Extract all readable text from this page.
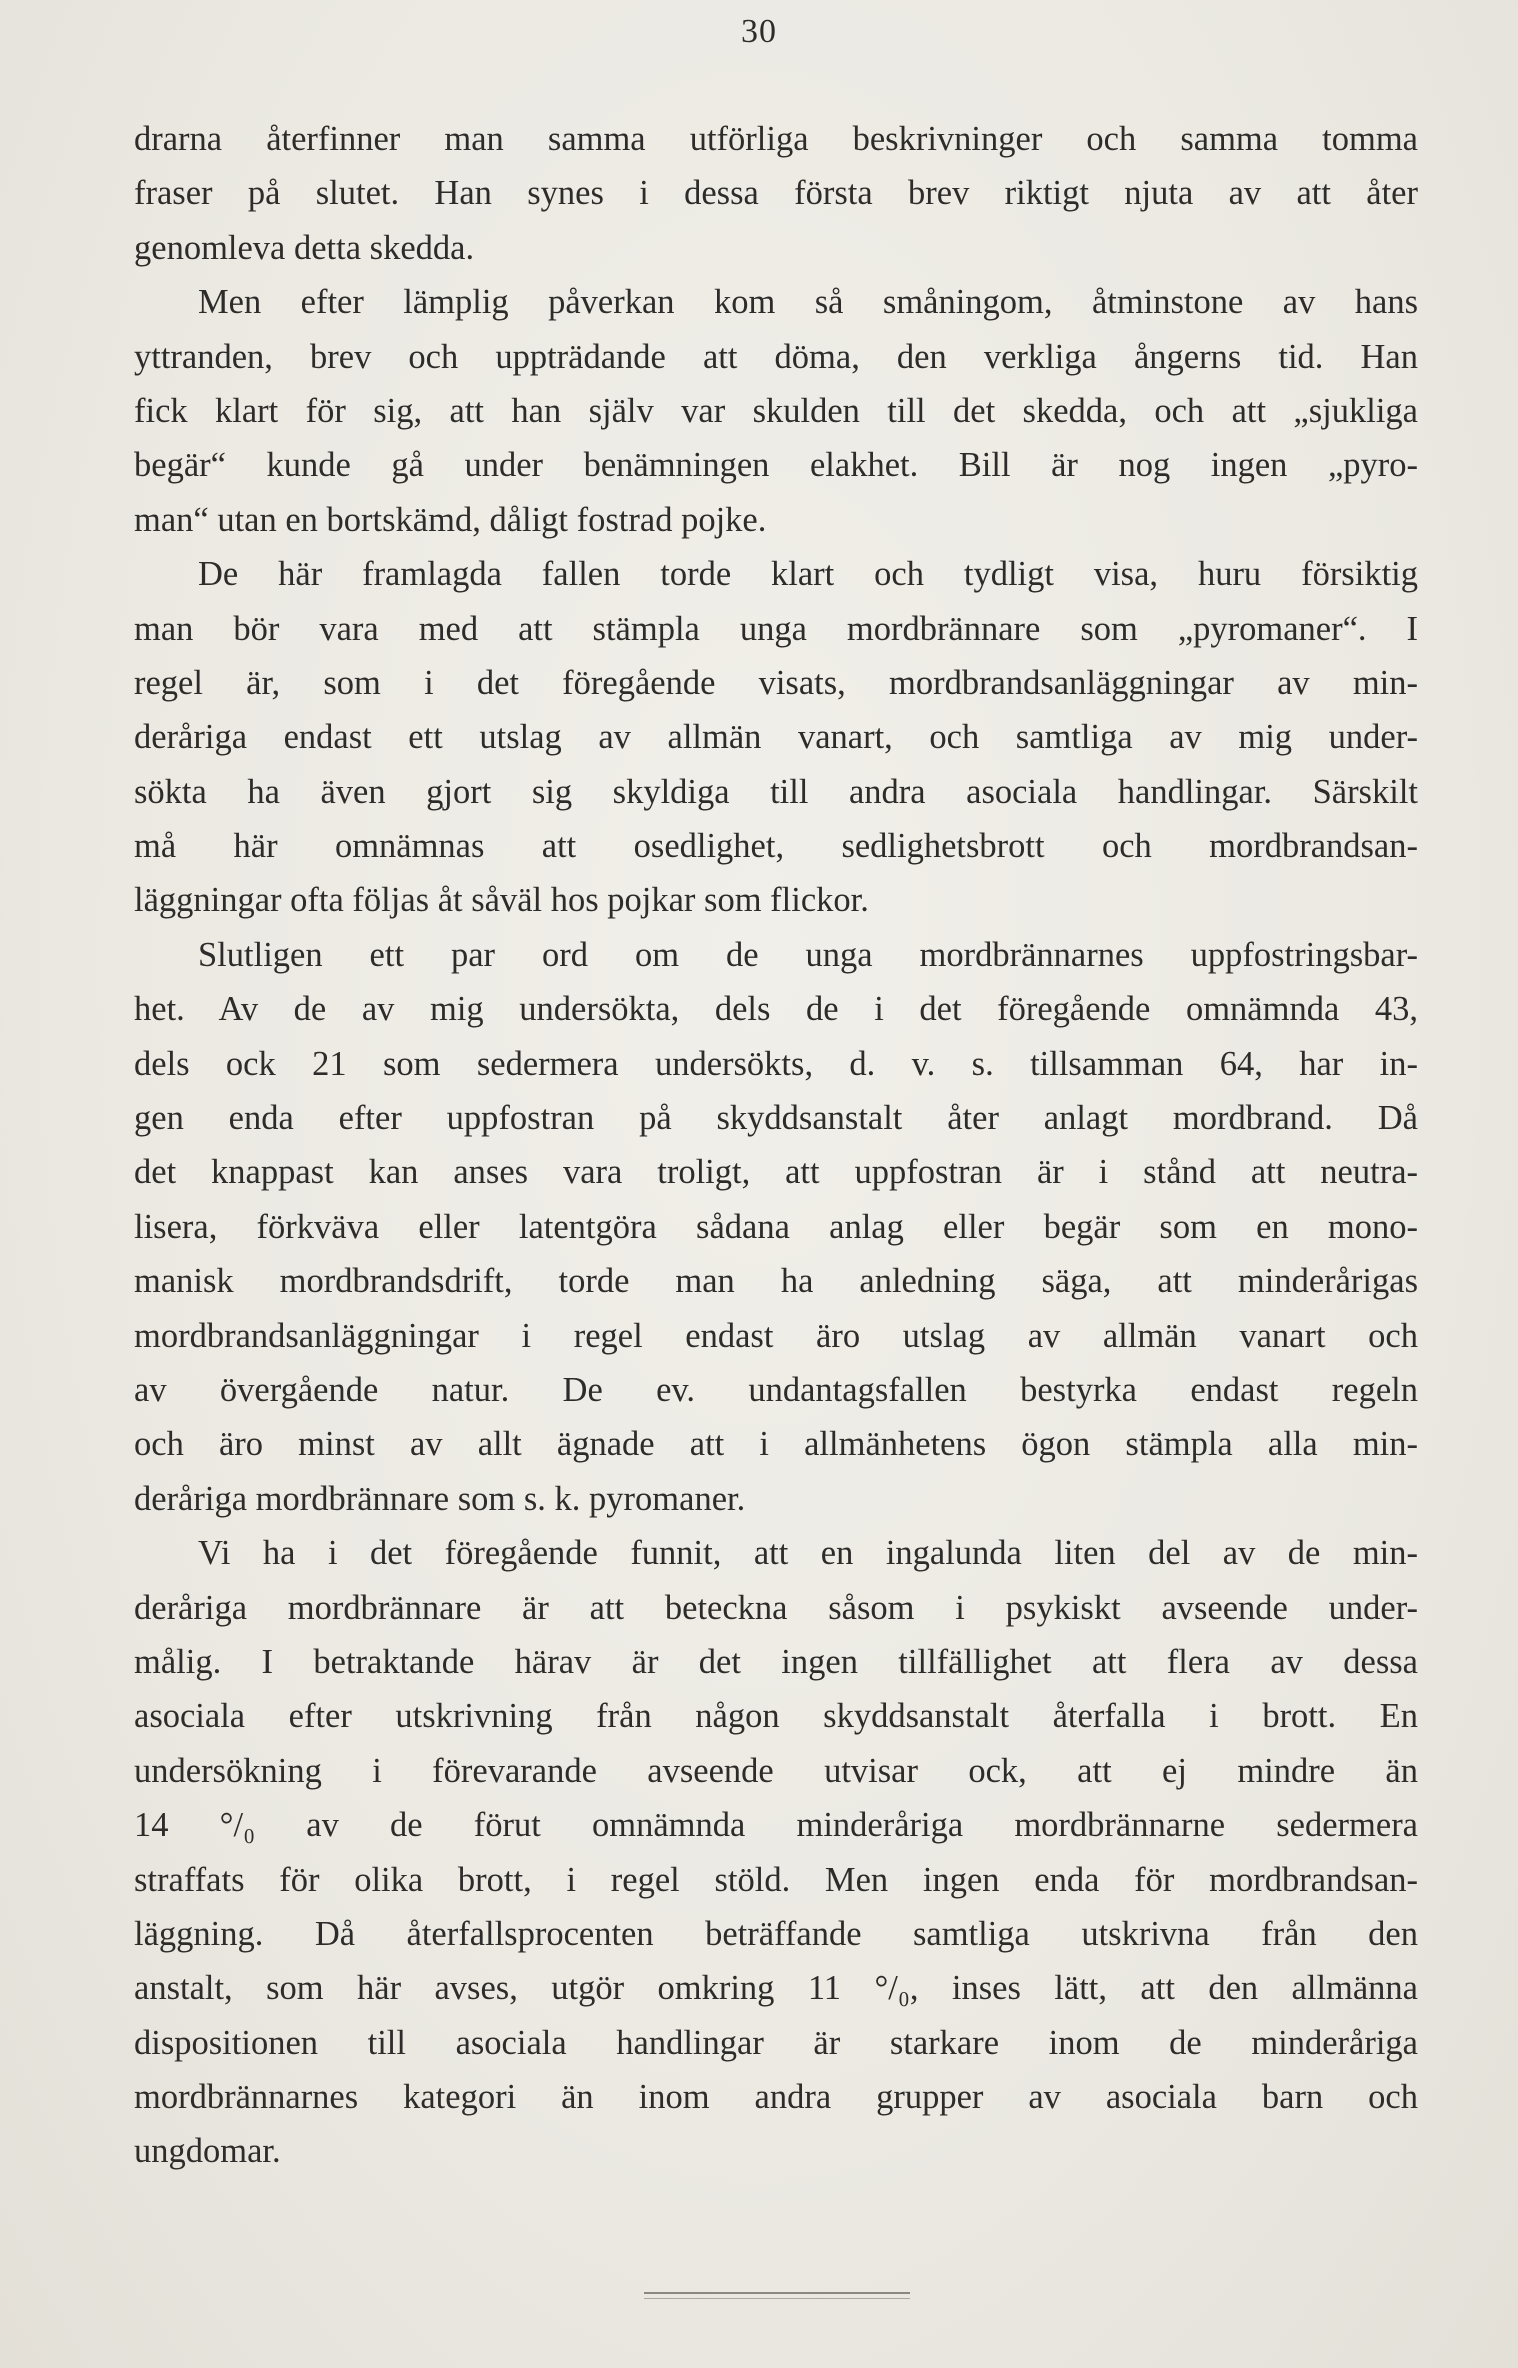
30
drarna återfinner man samma utförliga beskrivninger och samma tomma
fraser på slutet. Han synes i dessa första brev riktigt njuta av att åter
genomleva detta skedda.
Men efter lämplig påverkan kom så småningom, åtminstone av hans
yttranden, brev och uppträdande att döma, den verkliga ångerns tid. Han
fick klart för sig, att han själv var skulden till det skedda, och att „sjukliga
begär“ kunde gå under benämningen elakhet. Bill är nog ingen „pyro-
man“ utan en bortskämd, dåligt fostrad pojke.
De här framlagda fallen torde klart och tydligt visa, huru försiktig
man bör vara med att stämpla unga mordbrännare som „pyromaner“. I
regel är, som i det föregående visats, mordbrandsanläggningar av min-
deråriga endast ett utslag av allmän vanart, och samtliga av mig under-
sökta ha även gjort sig skyldiga till andra asociala handlingar. Särskilt
må här omnämnas att osedlighet, sedlighetsbrott och mordbrandsan-
läggningar ofta följas åt såväl hos pojkar som flickor.
Slutligen ett par ord om de unga mordbrännarnes uppfostringsbar-
het. Av de av mig undersökta, dels de i det föregående omnämnda 43,
dels ock 21 som sedermera undersökts, d. v. s. tillsamman 64, har in-
gen enda efter uppfostran på skyddsanstalt åter anlagt mordbrand. Då
det knappast kan anses vara troligt, att uppfostran är i stånd att neutra-
lisera, förkväva eller latentgöra sådana anlag eller begär som en mono-
manisk mordbrandsdrift, torde man ha anledning säga, att minderårigas
mordbrandsanläggningar i regel endast äro utslag av allmän vanart och
av övergående natur. De ev. undantagsfallen bestyrka endast regeln
och äro minst av allt ägnade att i allmänhetens ögon stämpla alla min-
deråriga mordbrännare som s. k. pyromaner.
Vi ha i det föregående funnit, att en ingalunda liten del av de min-
deråriga mordbrännare är att beteckna såsom i psykiskt avseende under-
målig. I betraktande härav är det ingen tillfällighet att flera av dessa
asociala efter utskrivning från någon skyddsanstalt återfalla i brott. En
undersökning i förevarande avseende utvisar ock, att ej mindre än
14 °/₀ av de förut omnämnda minderåriga mordbrännarne sedermera
straffats för olika brott, i regel stöld. Men ingen enda för mordbrandsan-
läggning. Då återfallsprocenten beträffande samtliga utskrivna från den
anstalt, som här avses, utgör omkring 11 °/₀, inses lätt, att den allmänna
dispositionen till asociala handlingar är starkare inom de minderåriga
mordbrännarnes kategori än inom andra grupper av asociala barn och
ungdomar.
